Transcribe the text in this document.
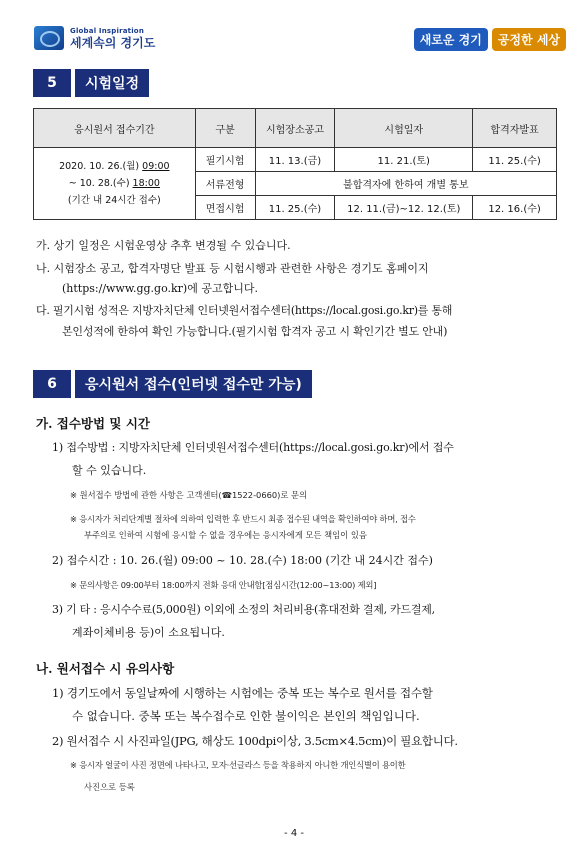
Global Inspiration
세계속의 경기도	새로운 경기	공정한 세상
5	시험일정
응시원서 접수기간	구분	시험장소공고	시험일자	합격자발표

2020. 10. 26.(월) 09:00
~ 10. 28.(수) 18:00
(기간 내 24시간 접수)	필기시험	11. 13.(금)	11. 21.(토)	11. 25.(수)
	서류전형	불합격자에 한하여 개별 통보		
	면접시험	11. 25.(수)	12. 11.(금)~12. 12.(토)	12. 16.(수)
가. 상기 일정은 시험운영상 추후 변경될 수 있습니다.
나. 시험장소 공고, 합격자명단 발표 등 시험시행과 관련한 사항은 경기도 홈페이지
(https://www.gg.go.kr)에 공고합니다.
다. 필기시험 성적은 지방자치단체 인터넷원서접수센터(https://local.gosi.go.kr)를 통해
본인성적에 한하여 확인 가능합니다.(필기시험 합격자 공고 시 확인기간 별도 안내)
6	응시원서 접수(인터넷 접수만 가능)
가. 접수방법 및 시간
1) 접수방법 : 지방자치단체 인터넷원서접수센터(https://local.gosi.go.kr)에서 접수
할 수 있습니다.
※ 원서접수 방법에 관한 사항은 고객센터(☎1522-0660)로 문의
※ 응시자가 처리단계별 절차에 의하여 입력한 후 반드시 최종 접수된 내역을 확인하여야 하며, 접수
부주의로 인하여 시험에 응시할 수 없을 경우에는 응시자에게 모든 책임이 있음
2) 접수시간 : 10. 26.(월) 09:00 ~ 10. 28.(수) 18:00 (기간 내 24시간 접수)
※ 문의사항은 09:00부터 18:00까지 전화 응대 안내함[점심시간(12:00~13:00) 제외]
3) 기 타 : 응시수수료(5,000원) 이외에 소정의 처리비용(휴대전화 결제, 카드결제,
계좌이체비용 등)이 소요됩니다.
나. 원서접수 시 유의사항
1) 경기도에서 동일날짜에 시행하는 시험에는 중복 또는 복수로 원서를 접수할
수 없습니다. 중복 또는 복수접수로 인한 불이익은 본인의 책임입니다.
2) 원서접수 시 사진파일(JPG, 해상도 100dpi이상, 3.5cm×4.5cm)이 필요합니다.
※ 응시자 얼굴이 사진 정면에 나타나고, 모자·선글라스 등을 착용하지 아니한 개인식별이 용이한
사진으로 등록
- 4 -
